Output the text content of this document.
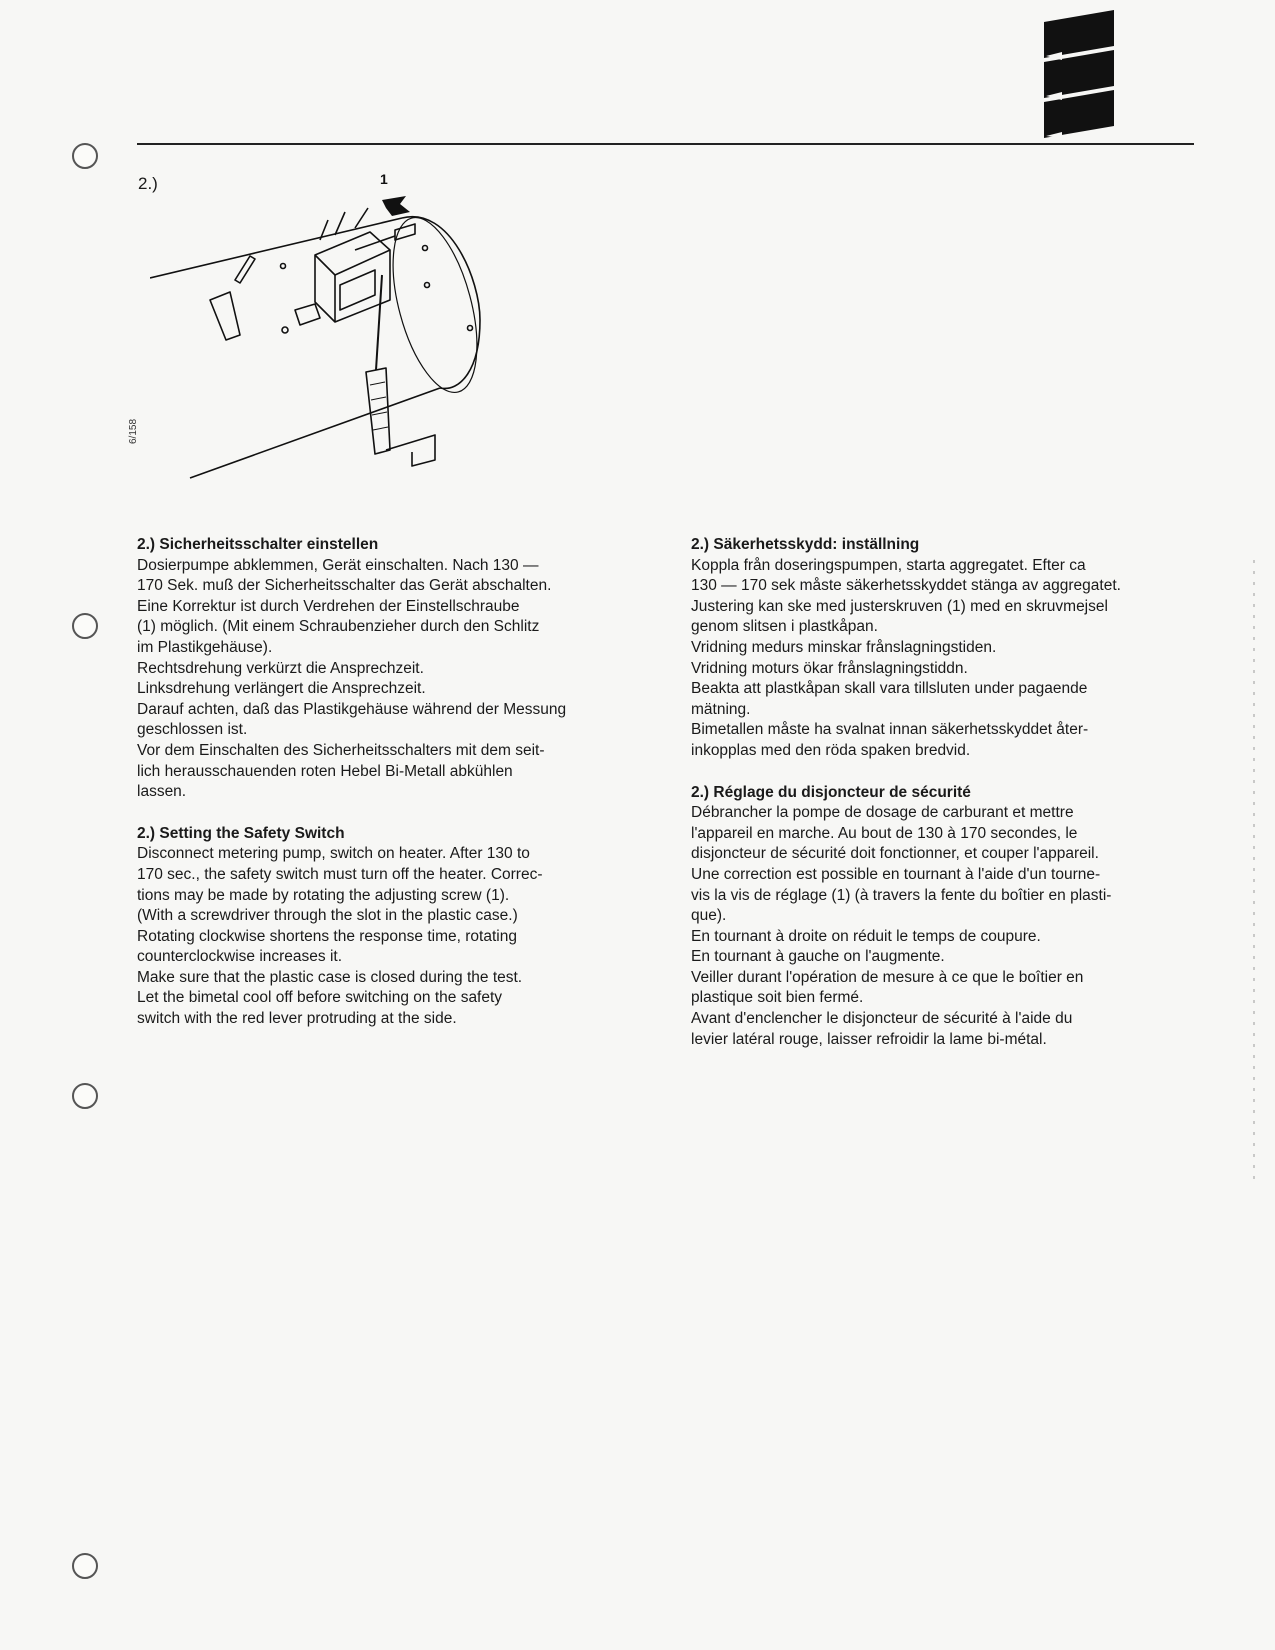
2.)
6/158
1
2.) Sicherheitsschalter einstellen

Dosierpumpe abklemmen, Gerät einschalten. Nach 130 —
170 Sek. muß der Sicherheitsschalter das Gerät abschalten.
Eine Korrektur ist durch Verdrehen der Einstellschraube
(1) möglich. (Mit einem Schraubenzieher durch den Schlitz
im Plastikgehäuse).
Rechtsdrehung verkürzt die Ansprechzeit.
Linksdrehung verlängert die Ansprechzeit.
Darauf achten, daß das Plastikgehäuse während der Messung
geschlossen ist.
Vor dem Einschalten des Sicherheitsschalters mit dem seit-
lich herausschauenden roten Hebel Bi-Metall abkühlen
lassen.

2.) Setting the Safety Switch

Disconnect metering pump, switch on heater. After 130 to
170 sec., the safety switch must turn off the heater. Correc-
tions may be made by rotating the adjusting screw (1).
(With a screwdriver through the slot in the plastic case.)
Rotating clockwise shortens the response time, rotating
counterclockwise increases it.
Make sure that the plastic case is closed during the test.
Let the bimetal cool off before switching on the safety
switch with the red lever protruding at the side.

2.) Säkerhetsskydd: inställning

Koppla från doseringspumpen, starta aggregatet. Efter ca
130 — 170 sek måste säkerhetsskyddet stänga av aggregatet.
Justering kan ske med justerskruven (1) med en skruvmejsel
genom slitsen i plastkåpan.
Vridning medurs minskar frånslagningstiden.
Vridning moturs ökar frånslagningstiddn.
Beakta att plastkåpan skall vara tillsluten under pagaende
mätning.
Bimetallen måste ha svalnat innan säkerhetsskyddet åter-
inkopplas med den röda spaken bredvid.

2.) Réglage du disjoncteur de sécurité

Débrancher la pompe de dosage de carburant et mettre
l'appareil en marche. Au bout de 130 à 170 secondes, le
disjoncteur de sécurité doit fonctionner, et couper l'appareil.
Une correction est possible en tournant à l'aide d'un tourne-
vis la vis de réglage (1) (à travers la fente du boîtier en plasti-
que).
En tournant à droite on réduit le temps de coupure.
En tournant à gauche on l'augmente.
Veiller durant l'opération de mesure à ce que le boîtier en
plastique soit bien fermé.
Avant d'enclencher le disjoncteur de sécurité à l'aide du
levier latéral rouge, laisser refroidir la lame bi-métal.
